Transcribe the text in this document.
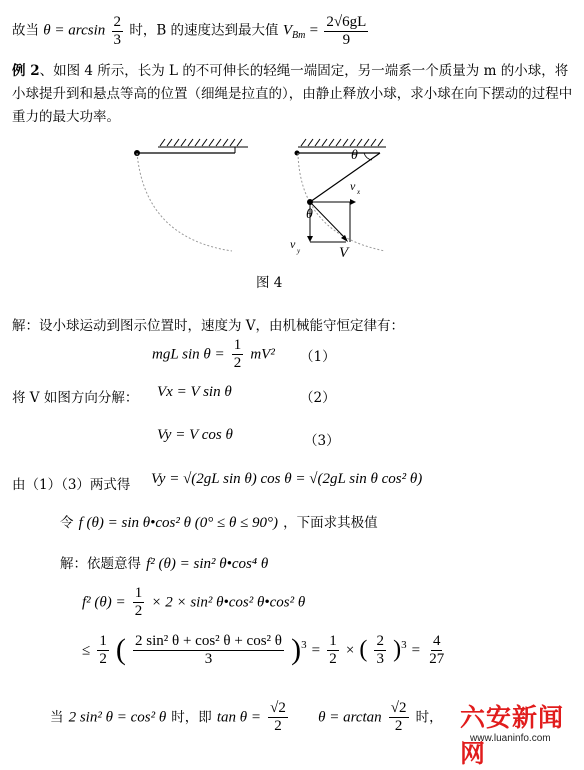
故当 $\theta = \arcsin \frac{2}{3}$ 时，B 的速度达到最大值 $V_{Bm} = \frac{2√6gL}{9}$
例 2、如图 4 所示，长为 L 的不可伸长的轻绳一端固定，另一端系一个质量为 m 的小球，将小球提升到和悬点等高的位置（细绳是拉直的），由静止释放小球，求小球在向下摆动的过程中重力的最大功率。
θ
v x
θ
v y	V
图 4
解：设小球运动到图示位置时，速度为 V，由机械能守恒定律有：
mgL $\sin \theta = \frac{1}{2} mV^2$ （1）
将 V 如图方向分解： Vx = V sin θ	（2）
Vy = V cos θ	（3）
由（1）（3）两式得 Vy = √(2gL sin θ) cos θ = √(2gL sin θ cos² θ)
令 f (θ) = sin θ•cos² θ (0° ≤ θ ≤ 90°) ，下面求其极值
解：依题意得 f² (θ) = sin² θ•cos⁴ θ
f² $(\theta) = \frac{1}{2} \times 2 \times \sin^2$ θ•cos² θ•cos² θ
≤ $\frac{1}{2}$ ( $\frac{\text{2 sin² θ + cos² θ + cos² θ}}{3} )^3 = \frac{1}{2}$ × ( $\frac{2}{3} )^3 = \frac{4}{27}$
当 2 sin² θ = cos² θ 时，即 $\tan \theta = \frac{√2}{2}$ $\theta = \arctan \frac{√2}{2}$ 时， 六安新闻网
www.luaninfo.com
